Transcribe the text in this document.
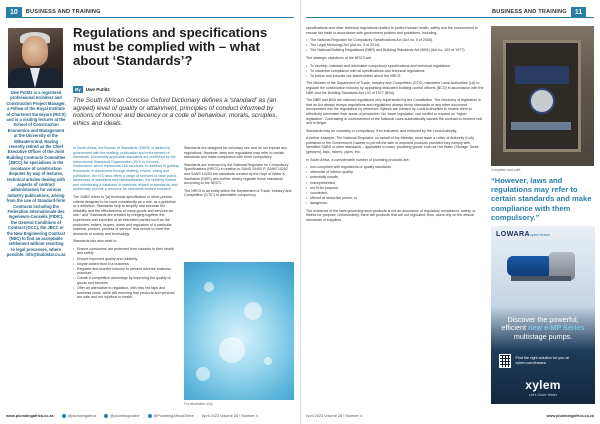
10	BUSINESS AND TRAINING
Uwe Putlitz is a registered professional Architect and Construction Project Manager, a Fellow of the Royal Institute of Chartered Surveyors (RICS) and is a visiting lecturer at the School of Construction Economics and Management at the University of the Witwatersrand. Having recently retired as the Chief Executive Officer of the Joint Building Contracts Committee (JBCC) he specialises in the avoidance of construction disputes by way of lectures, technical articles dealing with aspects of contract administration for various industry publications, arising from the use of Standard-form Contracts including the Federation Internationale des Ingenieurs-Conseils (FIDIC), the General Conditions of Contract (GCC), the JBCC or the New Engineering Contract (NEC) to find an acceptable settlement without resorting to legal processes, where possible. info@buildstar.co.za
Regulations and specifications must be complied with – what about ‘Standards’?
By	Uwe Putlitz

The South African Concise Oxford Dictionary defines a ‘standard’ as (an agreed) level of quality or attainment, principles of conduct informed by notions of honour and decency or a code of behaviour, morals, scruples, ethics and ideals.

In South Africa, the Bureau of Standards (SABS) is tasked by government with the drafting, publication and enforcement of standards. Universally applicable standards are published by the International Standards Organisation (ISO) in Geneva, Switzerland, which represents 165 countries. In addition to guiding thousands of documents through drafting, review, voting and publication, the ISO also offers a range of services to raise public awareness of standards and standardisation, the building thereof and maintaining a database of materials related to standards, and additionally provide a resource for standards-related research.

The SABS refers to “[a] technical specification or other precise criteria designed to be used consistently as a rule, as a guideline or a definition. Standards help to simplify and increase the reliability and the effectiveness of many goods and services we use.” and “Standards are created by bringing together the experience and expertise of all interested parties such as the producers, sellers, buyers, users and regulators of a particular material, product, process or service” that evolve to meet the demands of society and technology.

Standards into also seek to:

• Ensure consumers are protected from hazards to their health and safety
• Ensure improved quality and reliability
• Inspire added trust in a business
• Regulate and monitor industry to prevent adverse business practices
• Create a competitive advantage by improving the quality of goods and services
• Offer an alternative to regulation, with less red tape and business costs, while still ensuring that products and services are safe and not injurious to health.

Standards are designed for voluntary use and do not impose any regulations. However, laws and regulations may refer to certain standards and make compliance with them compulsory.

Standards are enforced by the National Regulator for Compulsory Specifications (NRCS) in relation to SANS 10400 P, SANS 10252 and SANS 10254 are standards created by the Dept of Water & Sanitation (DWS) who further clearly regulate these standards according to the NRCS.

The NRCS is an entity within the Department of Trade, Industry and Competition (DTIC) to administer compulsory

For illustration only.
www.plumbingafrica.co.za	@plumbingafrica	@plumbingonline	@PlumbingAfricaOnline April 2023 Volume 28 / Number 4
BUSINESS AND TRAINING	11

specifications and other technical regulations drafted to protect human health, safety and the environment to ensure fair trade in accordance with government policies and guidelines, including:

• The National Regulator for Compulsory Specifications Act (Act no. 5 of 2008).
• The Legal Metrology Act (Act no. 9 of 2014).
• The National Building Regulations (NBR) and Building Standards Act (BSA) (Act no. 103 of 1977).

The strategic objectives of the NRCS are:

• To develop, maintain and administer compulsory specifications and technical regulations
• To maximise compliance with all specifications and technical regulations
• To inform and educate our stakeholders about the NRCS.

The Minister of the Department of Trade, Industry and Competition (DTIC) mandates Local Authorities (LA) to regulate the construction industry by appointing dedicated building control officers (BCO) in accordance with the NBR and the Building Standards Act 103 of 1977 (BSA).

The NBR and BSA are national regulations only superseded by the Constitution. The hierarchy of legislation is that an Act always trumps regulations and regulations always trump standards or any other document incorporated into the regulations by reference. Bylaws are created by Local Authorities to enable them to effectively administer their areas of jurisdiction. No ‘lower legislation’ can conflict or expand on ‘higher legislation’. Contrasting or contravention of the National Laws automatically causes the contract to become null and is illegal.

Standards may be voluntary or compulsory, if so indicated, and enforced by the Local Authority.

A further example: The National Regulator, on behalf of the Minister, must issue a Letter of Authority (LoA) published in the Government Gazette to permit the sale of imported products provided they comply with identified SABS or other standards – applicable to many ‘plumbing goods’ such as Hot Water (Storage Tanks (geysers), taps, mixers, pipes, etc.

In South Africa, a considerable number of plumbing products are:

• non-compliant with regulations or quality standards,
• otherwise of inferior quality,
• potentially unsafe,
• misrepresented,
• not fit for purpose,
• counterfeit,
• offered at seductive prices; or
• dangerous.

The existence of the laws governing such products is not an assurance of regulatory compliance, safety, or fitness for purpose. Unfortunately, there are products that are not regulated; thus, users rely on the ethical standards of suppliers.

Compliant and safe.
“However, laws and regulations may refer to certain standards and make compliance with them compulsory.”
LOWARA
a xylem brand
Discover the powerful, efficient new e-MP Series multistage pumps.
Find the right solution for you at xylem.com/lowara
xylem
Let's Solve Water
April 2023 Volume 28 / Number 4	www.plumbingafrica.co.za
